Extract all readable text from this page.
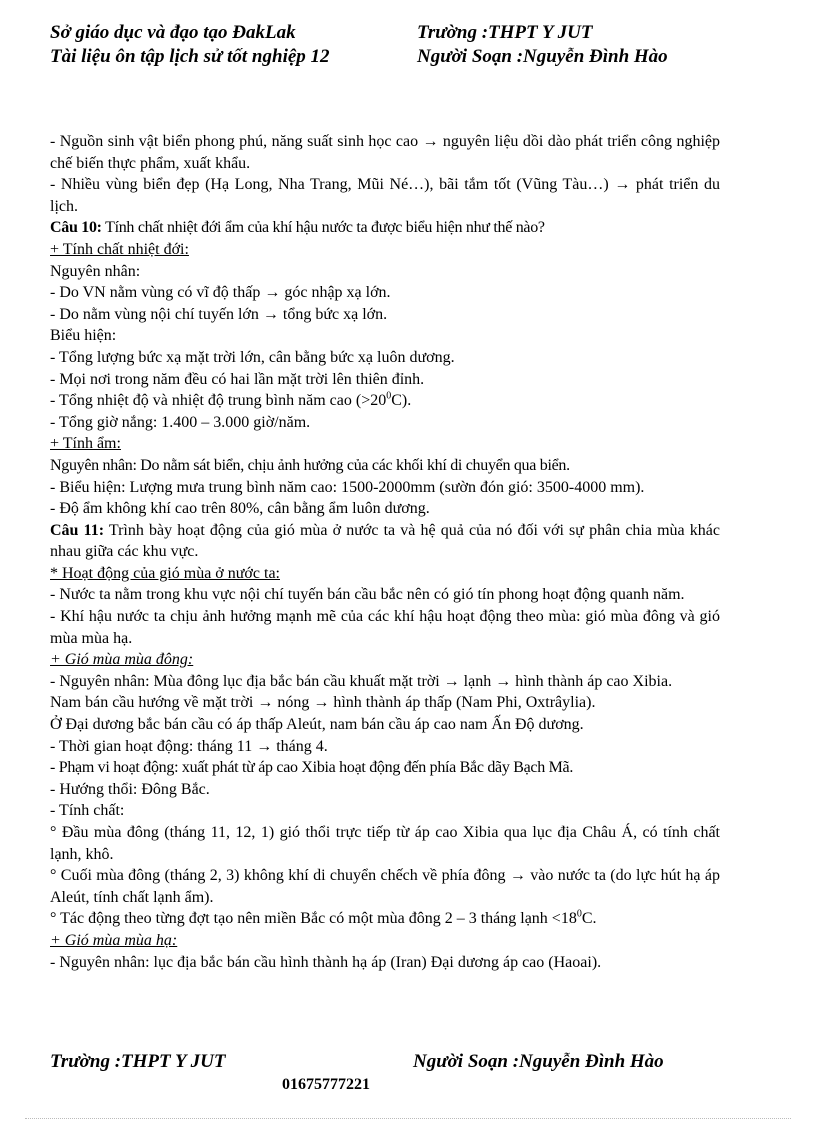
Sở giáo dục và đạo tạo ĐakLak
Tài liệu ôn tập lịch sử tốt nghiệp 12
Trường :THPT Y JUT
Người Soạn :Nguyễn Đình Hào

- Nguồn sinh vật biển phong phú, năng suất sinh học cao → nguyên liệu dồi dào phát triển công nghiệp chế biến thực phẩm, xuất khẩu.

- Nhiều vùng biển đẹp (Hạ Long, Nha Trang, Mũi Né…), bãi tắm tốt (Vũng Tàu…) → phát triển du lịch.

Câu 10: Tính chất nhiệt đới ẩm của khí hậu nước ta được biểu hiện như thế nào?

+ Tính chất nhiệt đới:

Nguyên nhân:

- Do VN nằm vùng có vĩ độ thấp → góc nhập xạ lớn.

- Do nằm vùng nội chí tuyến lớn → tổng bức xạ lớn.

Biểu hiện:

- Tổng lượng bức xạ mặt trời lớn, cân bằng bức xạ luôn dương.

- Mọi nơi trong năm đều có hai lần mặt trời lên thiên đỉnh.

- Tổng nhiệt độ và nhiệt độ trung bình năm cao $(>20^0C)$.

- Tổng giờ nắng: 1.400 – 3.000 giờ/năm.

+ Tính ẩm:

Nguyên nhân: Do nằm sát biển, chịu ảnh hưởng của các khối khí di chuyển qua biển.

- Biểu hiện: Lượng mưa trung bình năm cao: 1500-2000mm (sườn đón gió: 3500-4000 mm).

- Độ ẩm không khí cao trên 80%, cân bằng ẩm luôn dương.

Câu 11: Trình bày hoạt động của gió mùa ở nước ta và hệ quả của nó đối với sự phân chia mùa khác nhau giữa các khu vực.

* Hoạt động của gió mùa ở nước ta:

- Nước ta nằm trong khu vực nội chí tuyến bán cầu bắc nên có gió tín phong hoạt động quanh năm.

- Khí hậu nước ta chịu ảnh hưởng mạnh mẽ của các khí hậu hoạt động theo mùa: gió mùa đông và gió mùa mùa hạ.

+ Gió mùa mùa đông:

- Nguyên nhân: Mùa đông lục địa bắc bán cầu khuất mặt trời → lạnh → hình thành áp cao Xibia.

Nam bán cầu hướng về mặt trời → nóng → hình thành áp thấp (Nam Phi, Oxtrâylia).

Ở Đại dương bắc bán cầu có áp thấp Aleút, nam bán cầu áp cao nam Ấn Độ dương.

- Thời gian hoạt động: tháng 11 → tháng 4.

- Phạm vi hoạt động: xuất phát từ áp cao Xibia hoạt động đến phía Bắc dãy Bạch Mã.

- Hướng thổi: Đông Bắc.

- Tính chất:

° Đầu mùa đông (tháng 11, 12, 1) gió thổi trực tiếp từ áp cao Xibia qua lục địa Châu Á, có tính chất lạnh, khô.

° Cuối mùa đông (tháng 2, 3) không khí di chuyển chếch về phía đông → vào nước ta (do lực hút hạ áp Aleút, tính chất lạnh ẩm).

° Tác động theo từng đợt tạo nên miền Bắc có một mùa đông 2 – 3 tháng lạnh $<18^0C$.

+ Gió mùa mùa hạ:

- Nguyên nhân: lục địa bắc bán cầu hình thành hạ áp (Iran) Đại dương áp cao (Haoai).

Trường :THPT Y JUT	Người Soạn :Nguyễn Đình Hào
01675777221
